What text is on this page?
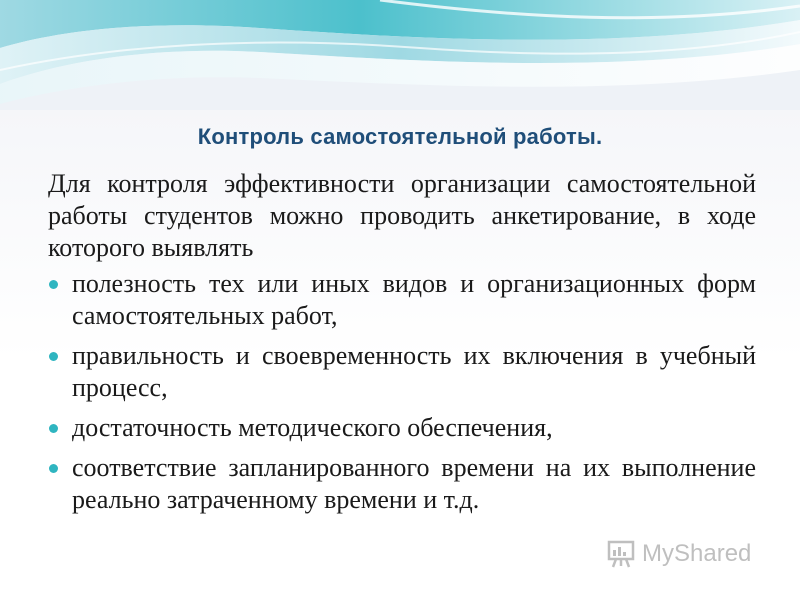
Контроль самостоятельной работы.

Для контроля эффективности организации самостоятельной работы студентов можно проводить анкетирование, в ходе которого выявлять

полезность тех или иных видов и организационных форм самостоятельных работ,
правильность и своевременность их включения в учебный процесс,
достаточность методического обеспечения,
соответствие запланированного времени на их выполнение реально затраченному времени и т.д.
MyShared
